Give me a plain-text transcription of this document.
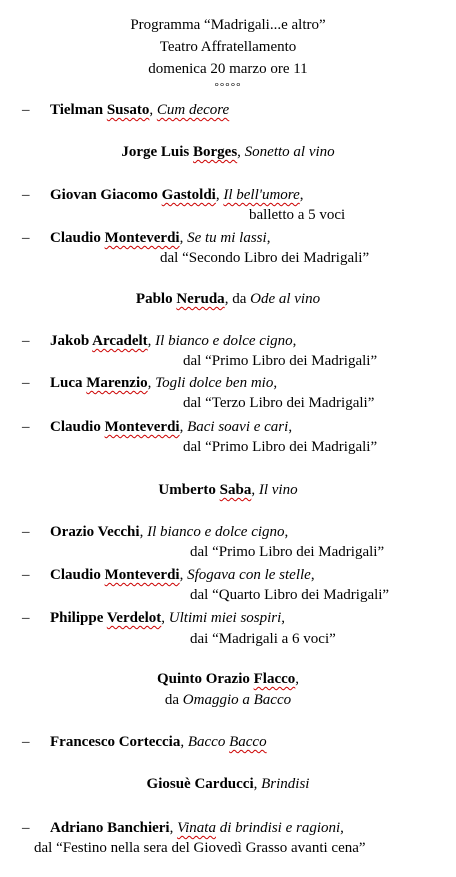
Programma “Madrigali...e altro”
Teatro Affratellamento
domenica 20 marzo ore 11
°°°°°
– Tielman Susato, Cum decore
Jorge Luis Borges, Sonetto al vino
– Giovan Giacomo Gastoldi, Il bell'umore,
balletto a 5 voci
– Claudio Monteverdi, Se tu mi lassi,
dal “Secondo Libro dei Madrigali”
Pablo Neruda, da Ode al vino
– Jakob Arcadelt, Il bianco e dolce cigno,
dal “Primo Libro dei Madrigali”
– Luca Marenzio, Togli dolce ben mio,
dal “Terzo Libro dei Madrigali”
– Claudio Monteverdi, Baci soavi e cari,
dal “Primo Libro dei Madrigali”
Umberto Saba, Il vino
– Orazio Vecchi, Il bianco e dolce cigno,
dal “Primo Libro dei Madrigali”
– Claudio Monteverdi, Sfogava con le stelle,
dal “Quarto Libro dei Madrigali”
– Philippe Verdelot, Ultimi miei sospiri,
dai “Madrigali a 6 voci”
Quinto Orazio Flacco,
da Omaggio a Bacco
– Francesco Corteccia, Bacco Bacco
Giosuè Carducci, Brindisi
– Adriano Banchieri, Vinata di brindisi e ragioni,
dal “Festino nella sera del Giovedì Grasso avanti cena”
